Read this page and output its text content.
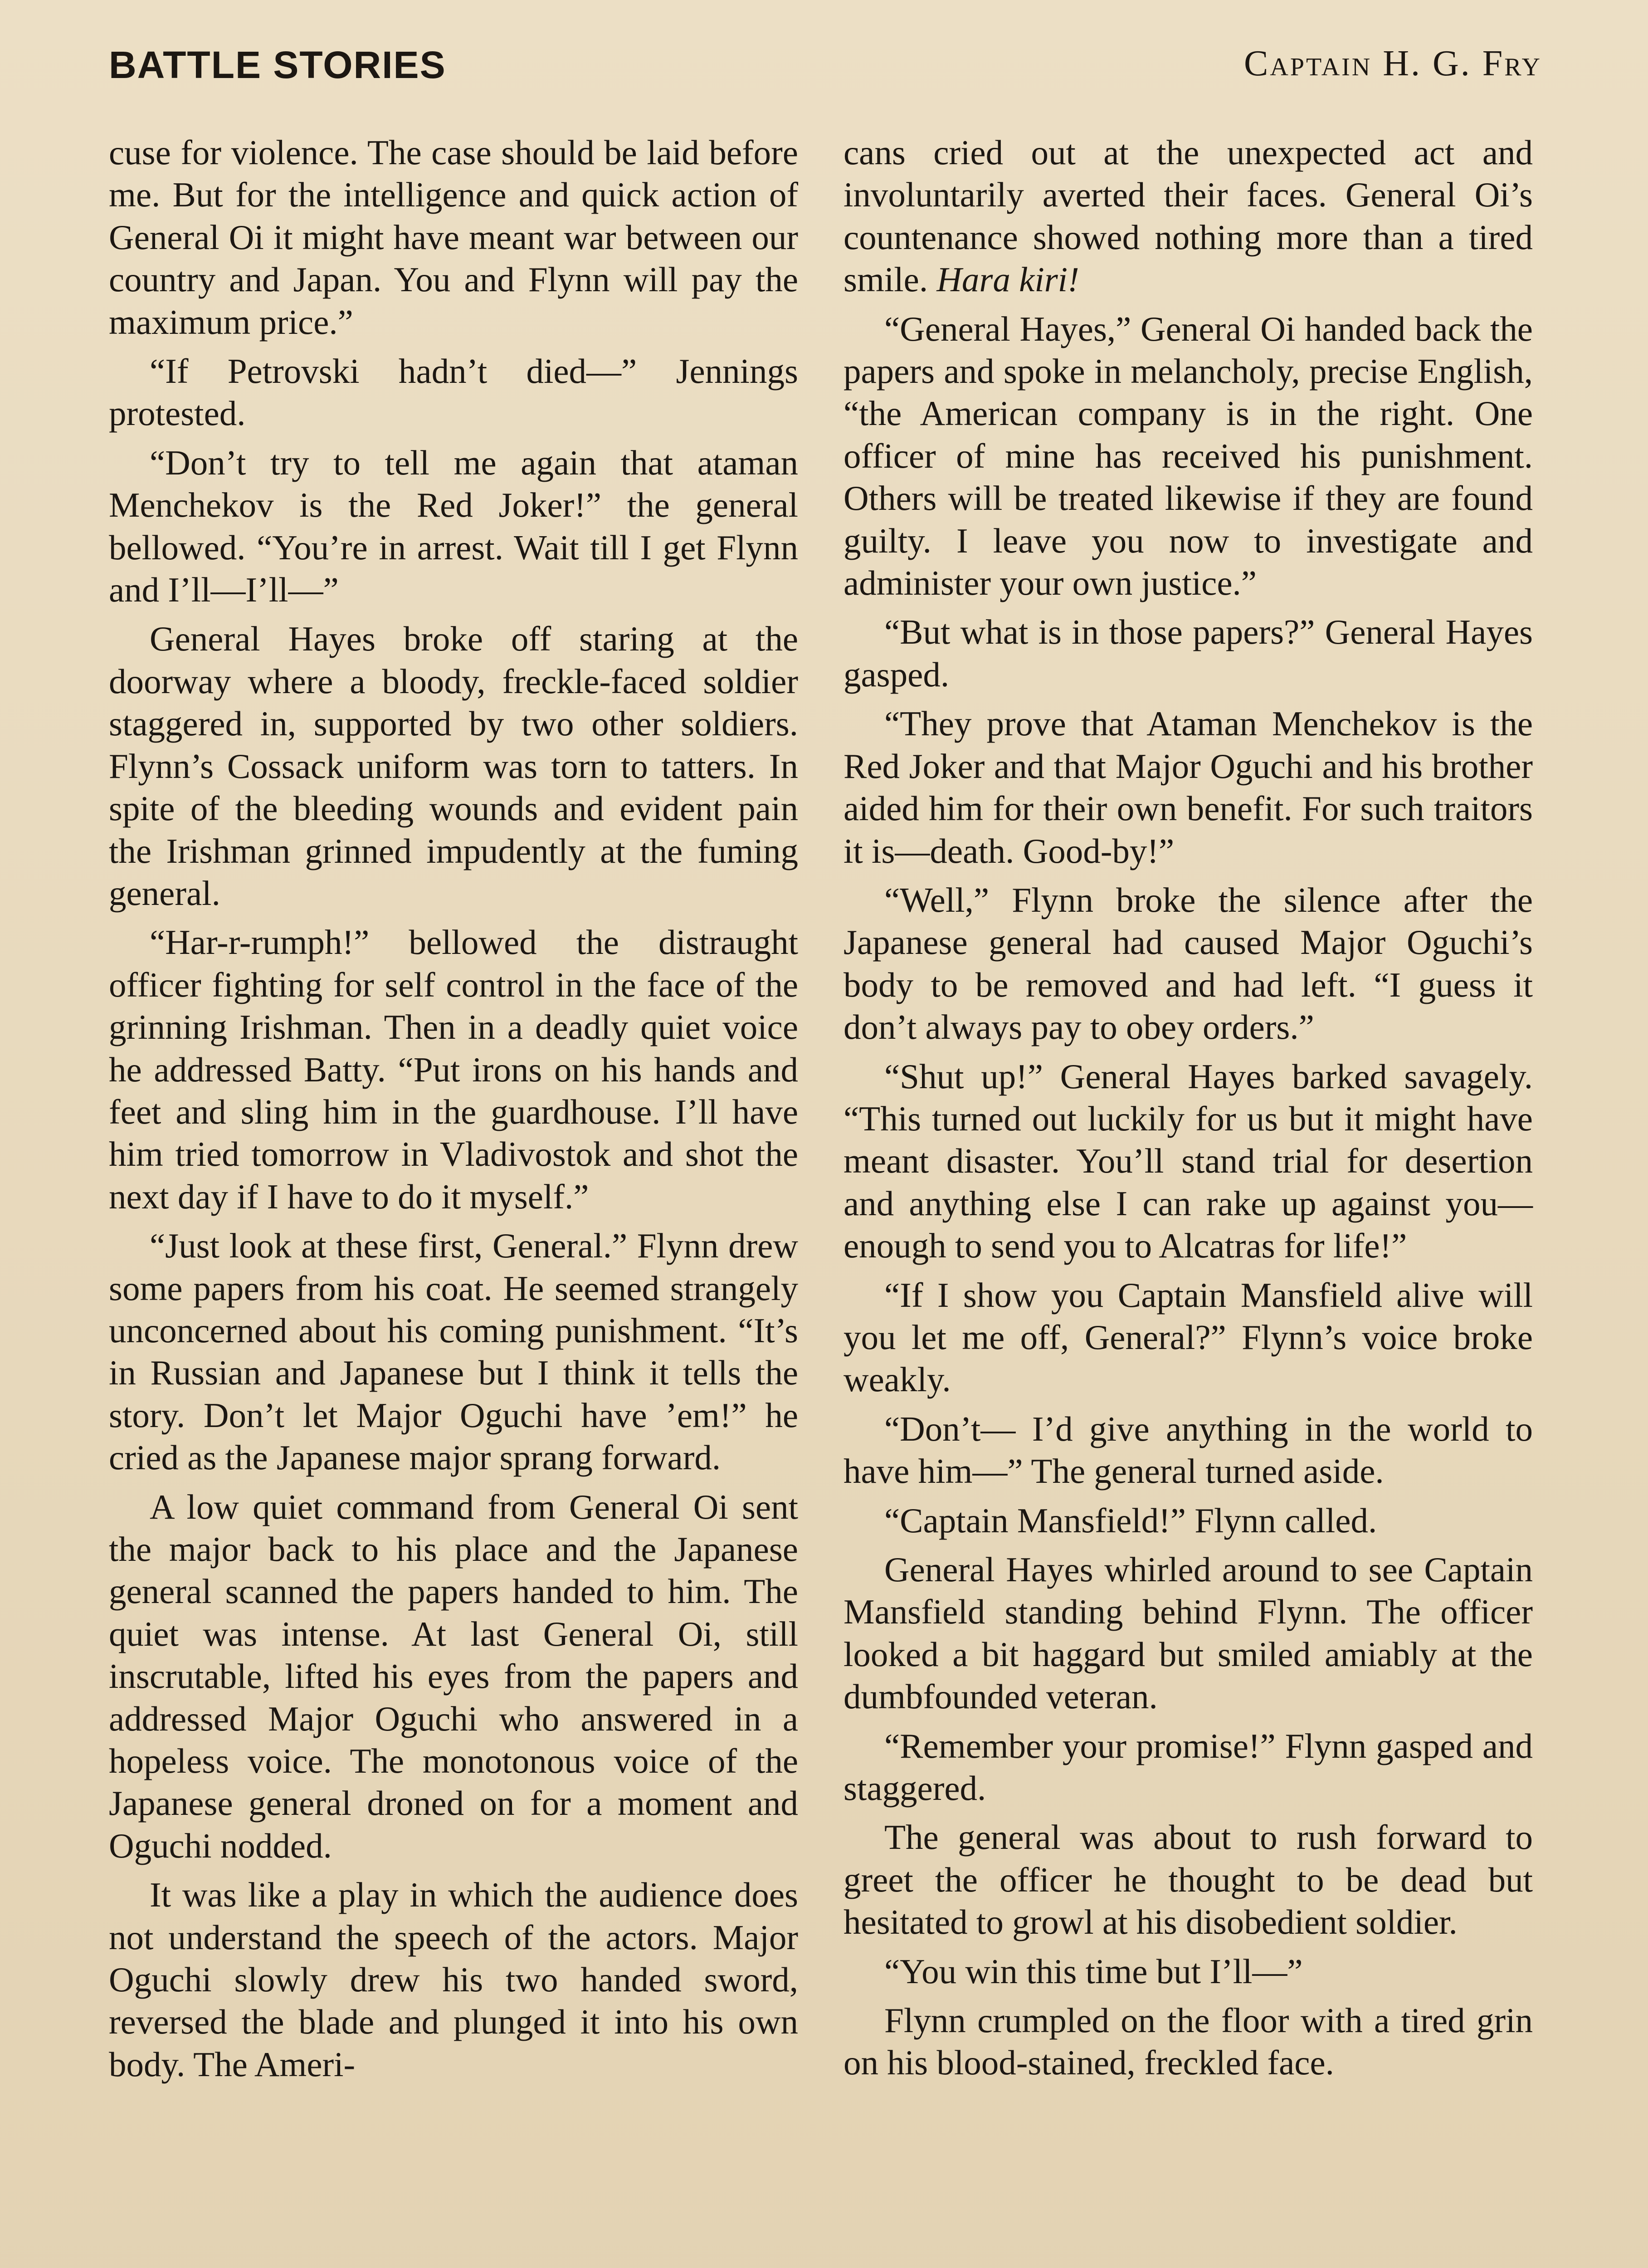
BATTLE STORIES	Captain H. G. Fry

cuse for violence. The case should be laid before me. But for the intelligence and quick action of General Oi it might have meant war between our country and Japan. You and Flynn will pay the maximum price.”

“If Petrovski hadn’t died—” Jennings protested.

“Don’t try to tell me again that ataman Menchekov is the Red Joker!” the general bellowed. “You’re in arrest. Wait till I get Flynn and I’ll—I’ll—”

General Hayes broke off staring at the doorway where a bloody, freckle-faced soldier staggered in, supported by two other soldiers. Flynn’s Cossack uniform was torn to tatters. In spite of the bleeding wounds and evident pain the Irishman grinned impudently at the fuming general.

“Har-r-rumph!” bellowed the distraught officer fighting for self control in the face of the grinning Irishman. Then in a deadly quiet voice he addressed Batty. “Put irons on his hands and feet and sling him in the guardhouse. I’ll have him tried tomorrow in Vladivostok and shot the next day if I have to do it myself.”

“Just look at these first, General.” Flynn drew some papers from his coat. He seemed strangely unconcerned about his coming punishment. “It’s in Russian and Japanese but I think it tells the story. Don’t let Major Oguchi have ’em!” he cried as the Japanese major sprang forward.

A low quiet command from General Oi sent the major back to his place and the Japanese general scanned the papers handed to him. The quiet was intense. At last General Oi, still inscrutable, lifted his eyes from the papers and addressed Major Oguchi who answered in a hopeless voice. The monotonous voice of the Japanese general droned on for a moment and Oguchi nodded.

It was like a play in which the audience does not understand the speech of the actors. Major Oguchi slowly drew his two handed sword, reversed the blade and plunged it into his own body. The Ameri-

cans cried out at the unexpected act and involuntarily averted their faces. General Oi’s countenance showed nothing more than a tired smile. Hara kiri!

“General Hayes,” General Oi handed back the papers and spoke in melancholy, precise English, “the American company is in the right. One officer of mine has received his punishment. Others will be treated likewise if they are found guilty. I leave you now to investigate and administer your own justice.”

“But what is in those papers?” General Hayes gasped.

“They prove that Ataman Menchekov is the Red Joker and that Major Oguchi and his brother aided him for their own benefit. For such traitors it is—death. Good-by!”

“Well,” Flynn broke the silence after the Japanese general had caused Major Oguchi’s body to be removed and had left. “I guess it don’t always pay to obey orders.”

“Shut up!” General Hayes barked savagely. “This turned out luckily for us but it might have meant disaster. You’ll stand trial for desertion and anything else I can rake up against you—enough to send you to Alcatras for life!”

“If I show you Captain Mansfield alive will you let me off, General?” Flynn’s voice broke weakly.

“Don’t— I’d give anything in the world to have him—” The general turned aside.

“Captain Mansfield!” Flynn called.

General Hayes whirled around to see Captain Mansfield standing behind Flynn. The officer looked a bit haggard but smiled amiably at the dumbfounded veteran.

“Remember your promise!” Flynn gasped and staggered.

The general was about to rush forward to greet the officer he thought to be dead but hesitated to growl at his disobedient soldier.

“You win this time but I’ll—”

Flynn crumpled on the floor with a tired grin on his blood-stained, freckled face.
